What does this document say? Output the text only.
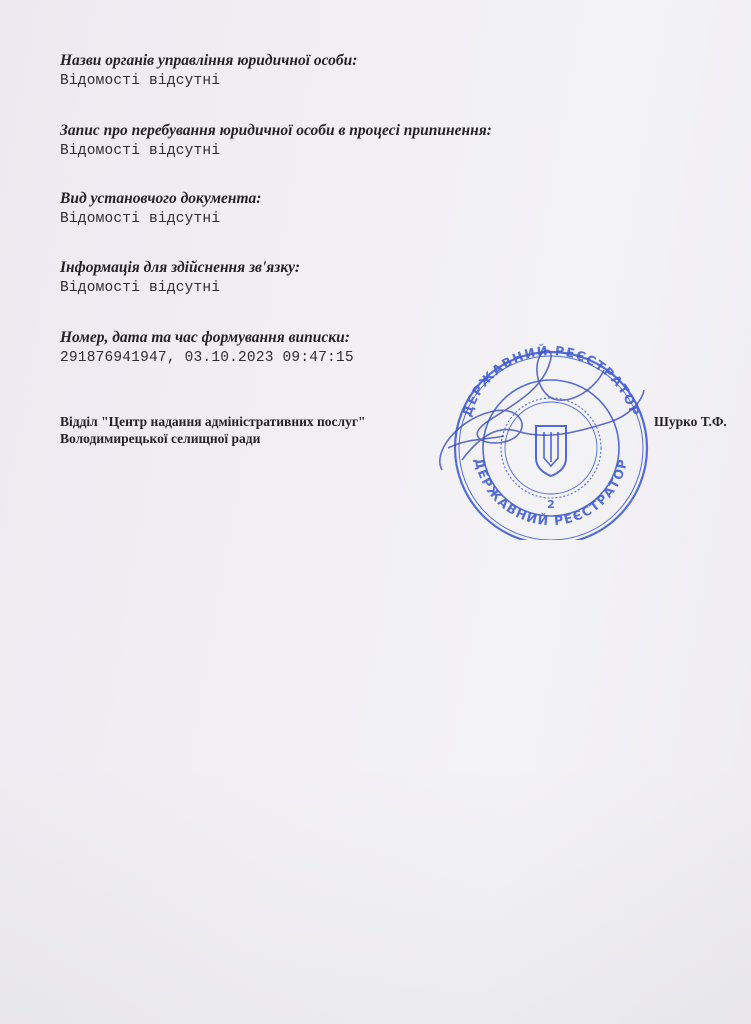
Назви органів управління юридичної особи:
Відомості відсутні
Запис про перебування юридичної особи в процесі припинення:
Відомості відсутні
Вид установчого документа:
Відомості відсутні
Інформація для здійснення зв'язку:
Відомості відсутні
Номер, дата та час формування виписки:
291876941947, 03.10.2023 09:47:15
Відділ "Центр надання адміністративних послуг"
Володимирецької селищної ради
ДЕРЖАВНИЙ РЕЄСТРАТОР
ДЕРЖАВНИЙ РЕЄСТРАТОР
2
Шурко Т.Ф.
